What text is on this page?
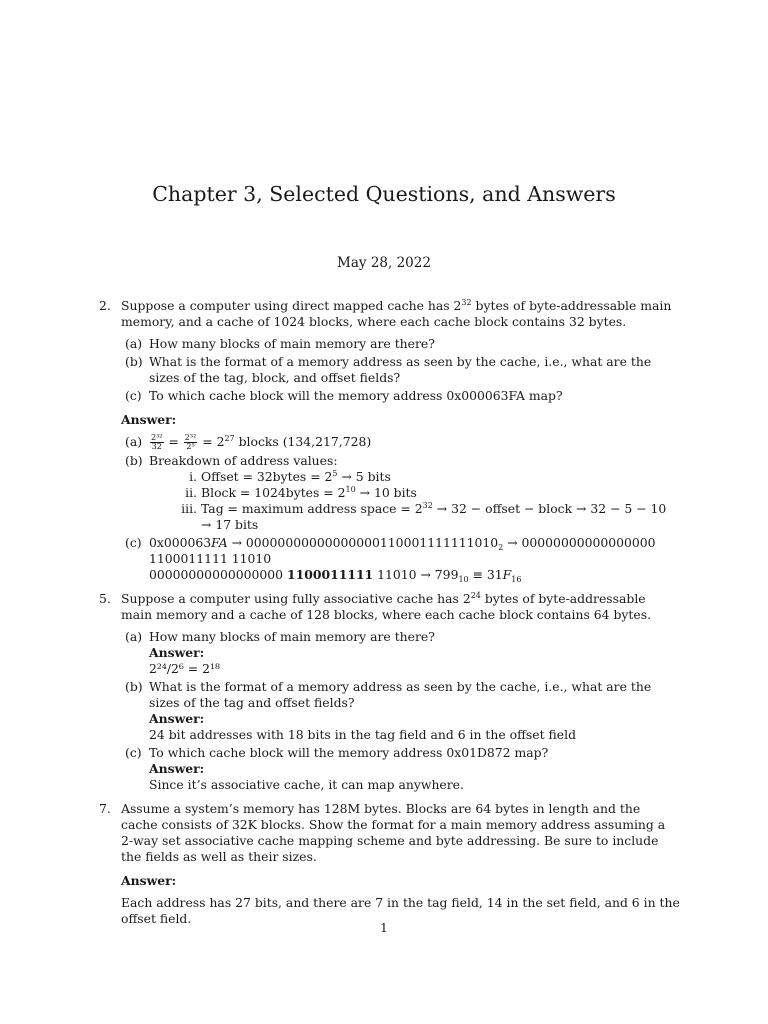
Chapter 3, Selected Questions, and Answers
May 28, 2022
2. Suppose a computer using direct mapped cache has $2^{32}$ bytes of byte-addressable main memory, and a cache of 1024 blocks, where each cache block contains 32 bytes.
(a) How many blocks of main memory are there?
(b) What is the format of a memory address as seen by the cache, i.e., what are the sizes of the tag, block, and offset fields?
(c) To which cache block will the memory address 0x000063FA map?
Answer:
$(a) \frac{\text{2³²}}{32} = \frac{\text{2³²}}{\text{2⁵}} = 2^{27}$ blocks (134,217,728)
(b) Breakdown of address values:
i. Offset = 32bytes = $2^5 \to 5$ bits
ii. Block = 1024bytes = $2^{10} \to 10$ bits
iii. Tag = maximum address space = $2^{32} \to 32$ − offset − block → 32 − 5 − 10 → 17 bits
(c) $0x000063FA \to 00000000000000000110001111111010_2 \to 00000000000000000$ 1100011111 11010
00000000000000000 1100011111 $11010 \to 799_{10} \equiv 31F_{16}$
5. Suppose a computer using fully associative cache has $2^{24}$ bytes of byte-addressable main memory and a cache of 128 blocks, where each cache block contains 64 bytes.
(a) How many blocks of main memory are there?
Answer:
2²⁴/2⁶ = 2¹⁸
(b) What is the format of a memory address as seen by the cache, i.e., what are the sizes of the tag and offset fields?
Answer:
24 bit addresses with 18 bits in the tag field and 6 in the offset field
(c) To which cache block will the memory address 0x01D872 map?
Answer:
Since it’s associative cache, it can map anywhere.
7. Assume a system’s memory has 128M bytes. Blocks are 64 bytes in length and the cache consists of 32K blocks. Show the format for a main memory address assuming a 2-way set associative cache mapping scheme and byte addressing. Be sure to include the fields as well as their sizes.
Answer:
Each address has 27 bits, and there are 7 in the tag field, 14 in the set field, and 6 in the offset field.
1
